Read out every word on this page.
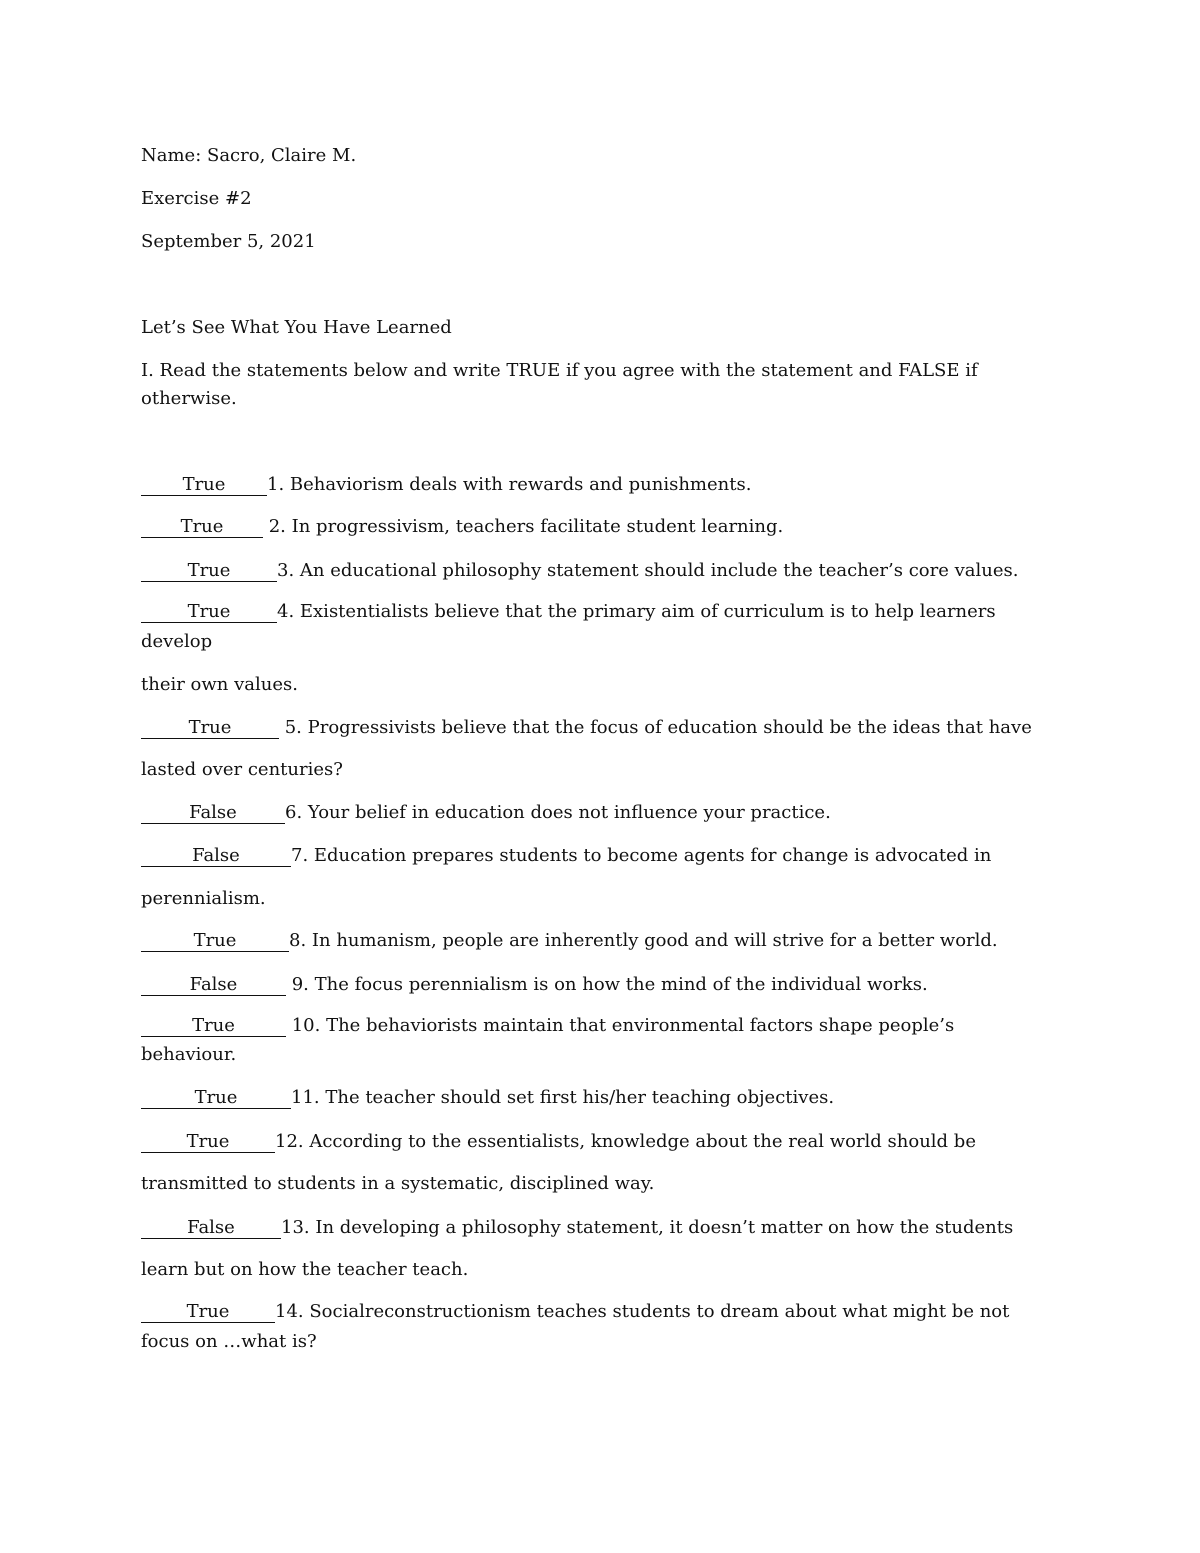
Name: Sacro, Claire M.
Exercise #2
September 5, 2021
Let’s See What You Have Learned
I. Read the statements below and write TRUE if you agree with the statement and FALSE if
otherwise.
True 1. Behaviorism deals with rewards and punishments.
True 2. In progressivism, teachers facilitate student learning.
True	3. An educational philosophy statement should include the teacher’s core values.
True	4. Existentialists believe that the primary aim of curriculum is to help learners
develop
their own values.
True	5. Progressivists believe that the focus of education should be the ideas that have
lasted over centuries?
False	6. Your belief in education does not influence your practice.
False	7. Education prepares students to become agents for change is advocated in
perennialism.
True	8. In humanism, people are inherently good and will strive for a better world.
False	9. The focus perennialism is on how the mind of the individual works.
True	10. The behaviorists maintain that environmental factors shape people’s
behaviour.
True	11. The teacher should set first his/her teaching objectives.
True	12. According to the essentialists, knowledge about the real world should be
transmitted to students in a systematic, disciplined way.
False	13. In developing a philosophy statement, it doesn’t matter on how the students
learn but on how the teacher teach.
True	14. Socialreconstructionism teaches students to dream about what might be not
focus on …what is?
